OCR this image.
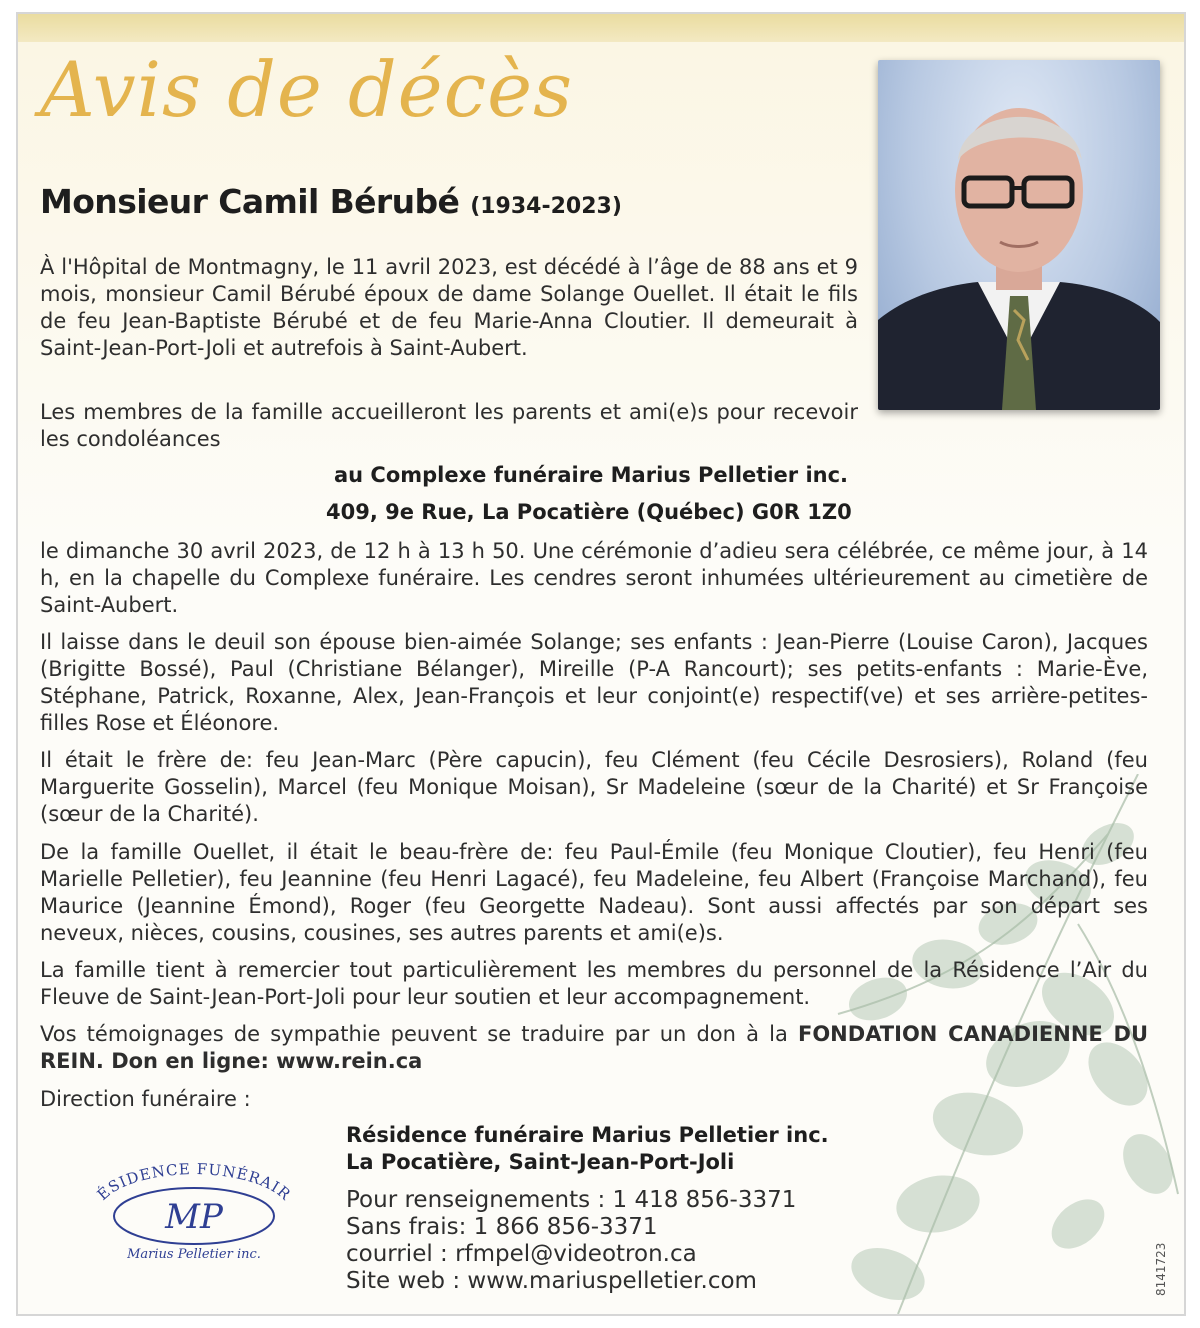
Avis de décès
Monsieur Camil Bérubé (1934-2023)
À l'Hôpital de Montmagny, le 11 avril 2023, est décédé à l’âge de 88 ans et 9 mois, monsieur Camil Bérubé époux de dame Solange Ouellet. Il était le fils de feu Jean-Baptiste Bérubé et de feu Marie-Anna Cloutier. Il demeurait à Saint-Jean-Port-Joli et autrefois à Saint-Aubert.
Les membres de la famille accueilleront les parents et ami(e)s pour recevoir les condoléances
au Complexe funéraire Marius Pelletier inc.
409, 9e Rue, La Pocatière (Québec) G0R 1Z0
le dimanche 30 avril 2023, de 12 h à 13 h 50. Une cérémonie d’adieu sera célébrée, ce même jour, à 14 h, en la chapelle du Complexe funéraire. Les cendres seront inhumées ultérieurement au cimetière de Saint-Aubert.
Il laisse dans le deuil son épouse bien-aimée Solange; ses enfants : Jean-Pierre (Louise Caron), Jacques (Brigitte Bossé), Paul (Christiane Bélanger), Mireille (P-A Rancourt); ses petits-enfants : Marie-Ève, Stéphane, Patrick, Roxanne, Alex, Jean-François et leur conjoint(e) respectif(ve) et ses arrière-petites-filles Rose et Éléonore.
Il était le frère de: feu Jean-Marc (Père capucin), feu Clément (feu Cécile Desrosiers), Roland (feu Marguerite Gosselin), Marcel (feu Monique Moisan), Sr Madeleine (sœur de la Charité) et Sr Françoise (sœur de la Charité).
De la famille Ouellet, il était le beau-frère de: feu Paul-Émile (feu Monique Cloutier), feu Henri (feu Marielle Pelletier), feu Jeannine (feu Henri Lagacé), feu Madeleine, feu Albert (Françoise Marchand), feu Maurice (Jeannine Émond), Roger (feu Georgette Nadeau). Sont aussi affectés par son départ ses neveux, nièces, cousins, cousines, ses autres parents et ami(e)s.
La famille tient à remercier tout particulièrement les membres du personnel de la Résidence l’Air du Fleuve de Saint-Jean-Port-Joli pour leur soutien et leur accompagnement.
Vos témoignages de sympathie peuvent se traduire par un don à la FONDATION CANADIENNE DU REIN. Don en ligne: www.rein.ca
Direction funéraire :
ÉSIDENCE FUNÉRAIR
MP
Marius Pelletier inc.
Résidence funéraire Marius Pelletier inc.
La Pocatière, Saint-Jean-Port-Joli
Pour renseignements : 1 418 856-3371
Sans frais: 1 866 856-3371
courriel : rfmpel@videotron.ca
Site web : www.mariuspelletier.com	8141723
